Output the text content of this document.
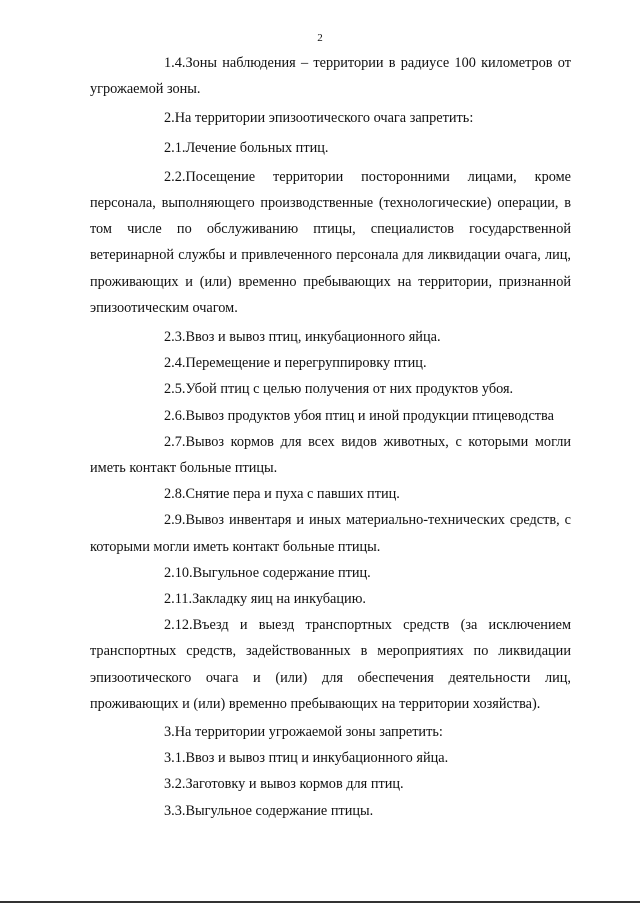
2

1.4.Зоны наблюдения – территории в радиусе 100 километров от угрожаемой зоны.

2.На территории эпизоотического очага запретить:

2.1.Лечение больных птиц.

2.2.Посещение территории посторонними лицами, кроме персонала, выполняющего производственные (технологические) операции, в том числе по обслуживанию птицы, специалистов государственной ветеринарной службы и привлеченного персонала для ликвидации очага, лиц, проживающих и (или) временно пребывающих на территории, признанной эпизоотическим очагом.

2.3.Ввоз и вывоз птиц, инкубационного яйца.

2.4.Перемещение и перегруппировку птиц.

2.5.Убой птиц с целью получения от них продуктов убоя.

2.6.Вывоз продуктов убоя птиц и иной продукции птицеводства

2.7.Вывоз кормов для всех видов животных, с которыми могли иметь контакт больные птицы.

2.8.Снятие пера и пуха с павших птиц.

2.9.Вывоз инвентаря и иных материально-технических средств, с которыми могли иметь контакт больные птицы.

2.10.Выгульное содержание птиц.

2.11.Закладку яиц на инкубацию.

2.12.Въезд и выезд транспортных средств (за исключением транспортных средств, задействованных в мероприятиях по ликвидации эпизоотического очага и (или) для обеспечения деятельности лиц, проживающих и (или) временно пребывающих на территории хозяйства).

3.На территории угрожаемой зоны запретить:

3.1.Ввоз и вывоз птиц и инкубационного яйца.

3.2.Заготовку и вывоз кормов для птиц.

3.3.Выгульное содержание птицы.
